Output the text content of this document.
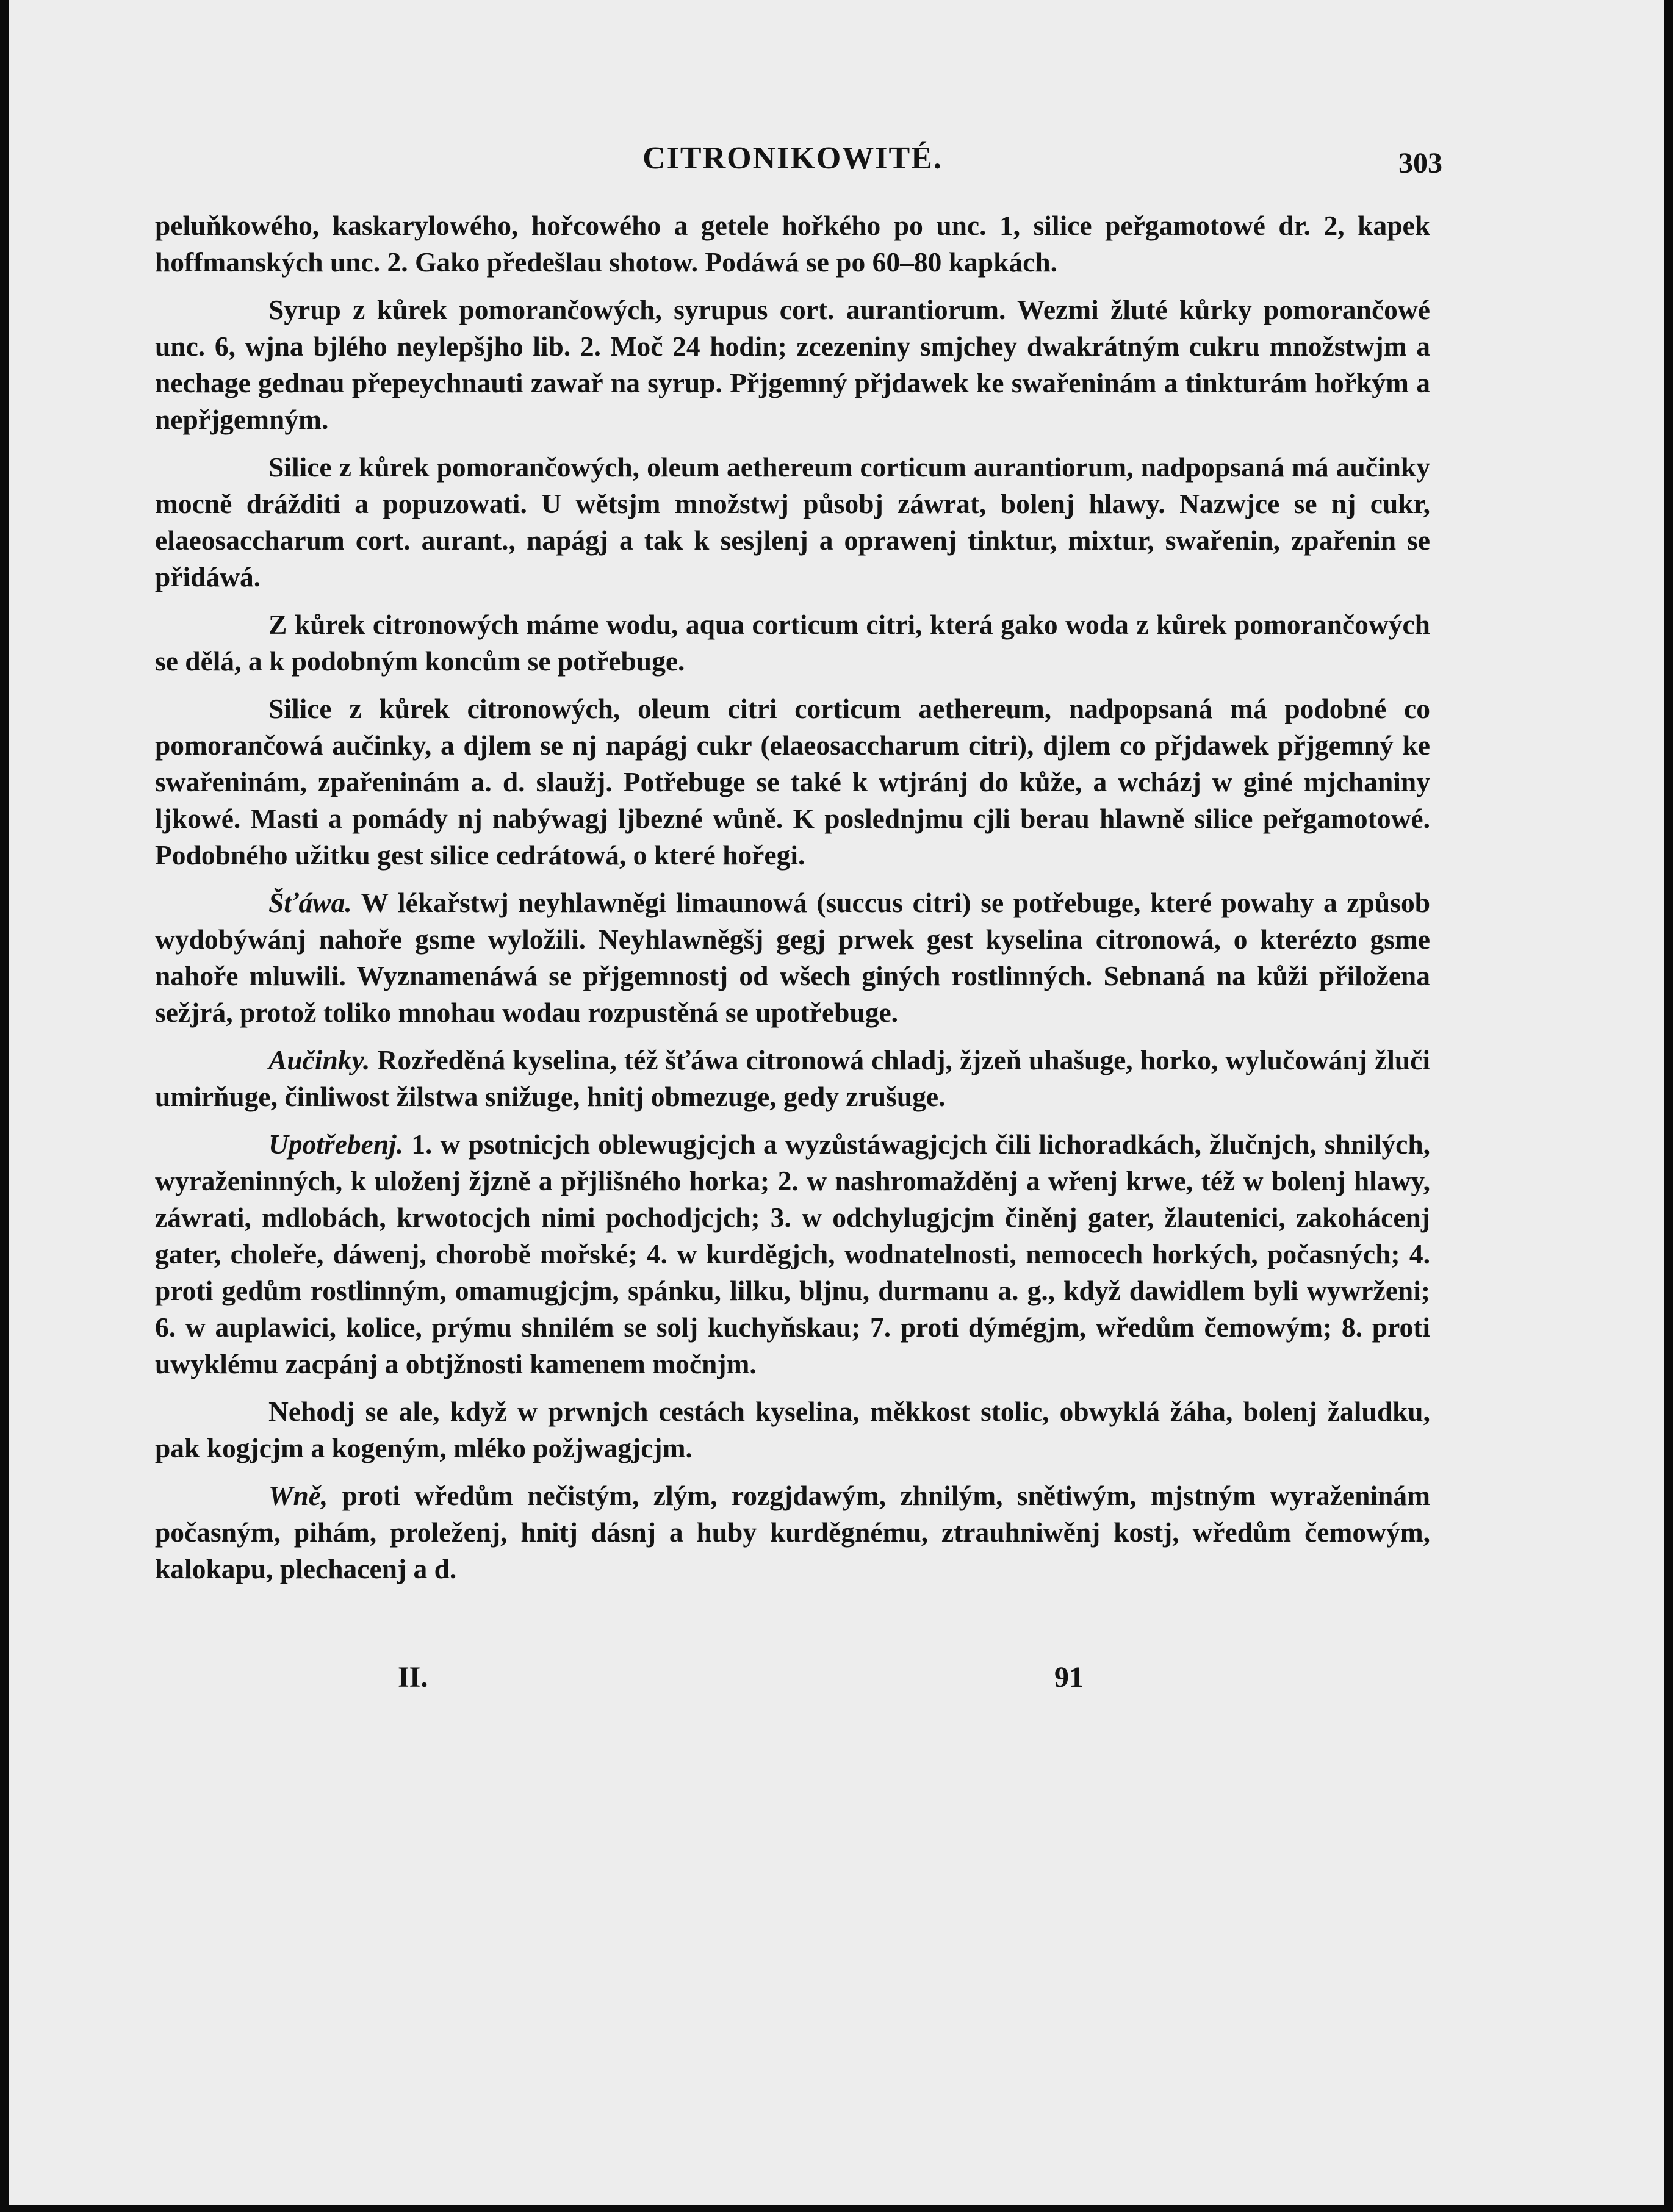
CITRONIKOWITÉ.	303

peluňkowého, kaskarylowého, hořcowého a getele hořkého po unc. 1, silice peřgamotowé dr. 2, kapek hoffmanských unc. 2. Gako předešlau shotow. Podáwá se po 60–80 kapkách.

Syrup z kůrek pomorančowých, syrupus cort. aurantiorum. Wezmi žluté kůrky pomorančowé unc. 6, wjna bjlého neylepšjho lib. 2. Moč 24 hodin; zcezeniny smjchey dwakrátným cukru množstwjm a nechage gednau přepeychnauti zawař na syrup. Přjgemný přjdawek ke swařeninám a tinkturám hořkým a nepřjgemným.

Silice z kůrek pomorančowých, oleum aethereum corticum aurantiorum, nadpopsaná má aučinky mocně drážditi a popuzowati. U wětsjm množstwj působj záwrat, bolenj hlawy. Nazwjce se nj cukr, elaeosaccharum cort. aurant., napágj a tak k sesjlenj a oprawenj tinktur, mixtur, swařenin, zpařenin se přidáwá.

Z kůrek citronowých máme wodu, aqua corticum citri, která gako woda z kůrek pomorančowých se dělá, a k podobným koncům se potřebuge.

Silice z kůrek citronowých, oleum citri corticum aethereum, nadpopsaná má podobné co pomorančowá aučinky, a djlem se nj napágj cukr (elaeosaccharum citri), djlem co přjdawek přjgemný ke swařeninám, zpařeninám a. d. slaužj. Potřebuge se také k wtjránj do kůže, a wcházj w giné mjchaniny ljkowé. Masti a pomády nj nabýwagj ljbezné wůně. K poslednjmu cjli berau hlawně silice peřgamotowé. Podobného užitku gest silice cedrátowá, o které hořegi.

Šťáwa. W lékařstwj neyhlawněgi limaunowá (succus citri) se potřebuge, které powahy a způsob wydobýwánj nahoře gsme wyložili. Neyhlawněgšj gegj prwek gest kyselina citronowá, o kterézto gsme nahoře mluwili. Wyznamenáwá se přjgemnostj od wšech giných rostlinných. Sebnaná na kůži přiložena sežjrá, protož toliko mnohau wodau rozpustěná se upotřebuge.

Aučinky. Rozředěná kyselina, též šťáwa citronowá chladj, žjzeň uhašuge, horko, wylučowánj žluči umirňuge, činliwost žilstwa snižuge, hnitj obmezuge, gedy zrušuge.

Upotřebenj. 1. w psotnicjch oblewugjcjch a wyzůstáwagjcjch čili lichoradkách, žlučnjch, shnilých, wyraženinných, k uloženj žjzně a přjlišného horka; 2. w nashromažděnj a wřenj krwe, též w bolenj hlawy, záwrati, mdlobách, krwotocjch nimi pochodjcjch; 3. w odchylugjcjm činěnj gater, žlautenici, zakohácenj gater, choleře, dáwenj, chorobě mořské; 4. w kurděgjch, wodnatelnosti, nemocech horkých, počasných; 4. proti gedům rostlinným, omamugjcjm, spánku, lilku, bljnu, durmanu a. g., když dawidlem byli wywrženi; 6. w auplawici, kolice, prýmu shnilém se solj kuchyňskau; 7. proti dýmégjm, wředům čemowým; 8. proti uwyklému zacpánj a obtjžnosti kamenem močnjm.

Nehodj se ale, když w prwnjch cestách kyselina, měkkost stolic, obwyklá žáha, bolenj žaludku, pak kogjcjm a kogeným, mléko požjwagjcjm.

Wně, proti wředům nečistým, zlým, rozgjdawým, zhnilým, snětiwým, mjstným wyraženinám počasným, pihám, proleženj, hnitj dásnj a huby kurděgnému, ztrauhniwěnj kostj, wředům čemowým, kalokapu, plechacenj a d.

II.	91
